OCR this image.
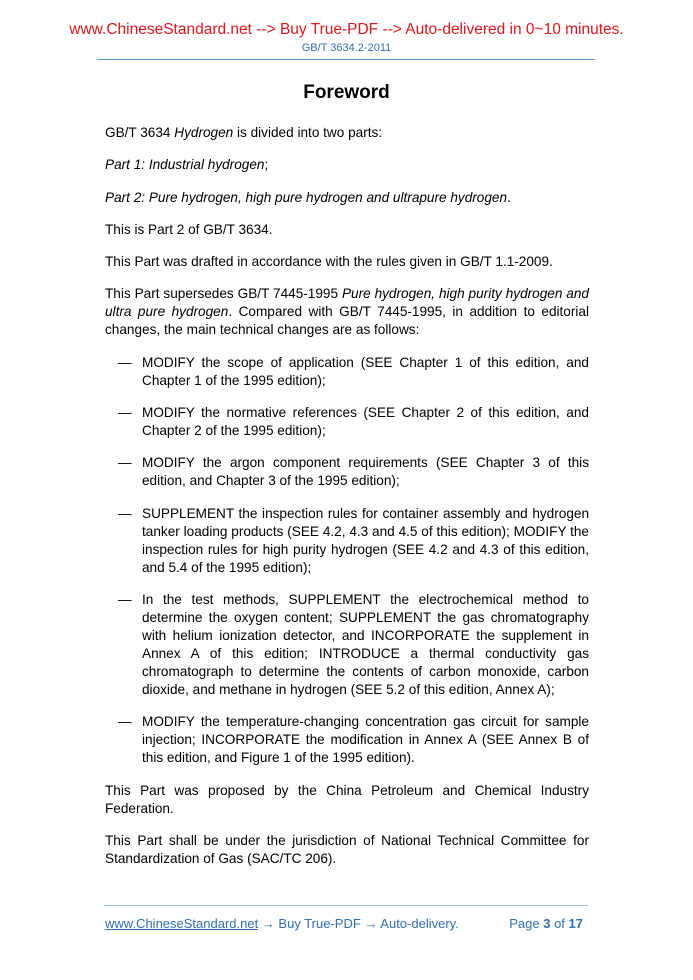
www.ChineseStandard.net --> Buy True-PDF --> Auto-delivered in 0~10 minutes.
GB/T 3634.2-2011
Foreword
GB/T 3634 Hydrogen is divided into two parts:
Part 1: Industrial hydrogen;
Part 2: Pure hydrogen, high pure hydrogen and ultrapure hydrogen.
This is Part 2 of GB/T 3634.
This Part was drafted in accordance with the rules given in GB/T 1.1-2009.
This Part supersedes GB/T 7445-1995 Pure hydrogen, high purity hydrogen and ultra pure hydrogen. Compared with GB/T 7445-1995, in addition to editorial changes, the main technical changes are as follows:
— MODIFY the scope of application (SEE Chapter 1 of this edition, and Chapter 1 of the 1995 edition);
— MODIFY the normative references (SEE Chapter 2 of this edition, and Chapter 2 of the 1995 edition);
— MODIFY the argon component requirements (SEE Chapter 3 of this edition, and Chapter 3 of the 1995 edition);
— SUPPLEMENT the inspection rules for container assembly and hydrogen tanker loading products (SEE 4.2, 4.3 and 4.5 of this edition); MODIFY the inspection rules for high purity hydrogen (SEE 4.2 and 4.3 of this edition, and 5.4 of the 1995 edition);
— In the test methods, SUPPLEMENT the electrochemical method to determine the oxygen content; SUPPLEMENT the gas chromatography with helium ionization detector, and INCORPORATE the supplement in Annex A of this edition; INTRODUCE a thermal conductivity gas chromatograph to determine the contents of carbon monoxide, carbon dioxide, and methane in hydrogen (SEE 5.2 of this edition, Annex A);
— MODIFY the temperature-changing concentration gas circuit for sample injection; INCORPORATE the modification in Annex A (SEE Annex B of this edition, and Figure 1 of the 1995 edition).
This Part was proposed by the China Petroleum and Chemical Industry Federation.
This Part shall be under the jurisdiction of National Technical Committee for Standardization of Gas (SAC/TC 206).
www.ChineseStandard.net → Buy True-PDF → Auto-delivery.	Page 3 of 17
